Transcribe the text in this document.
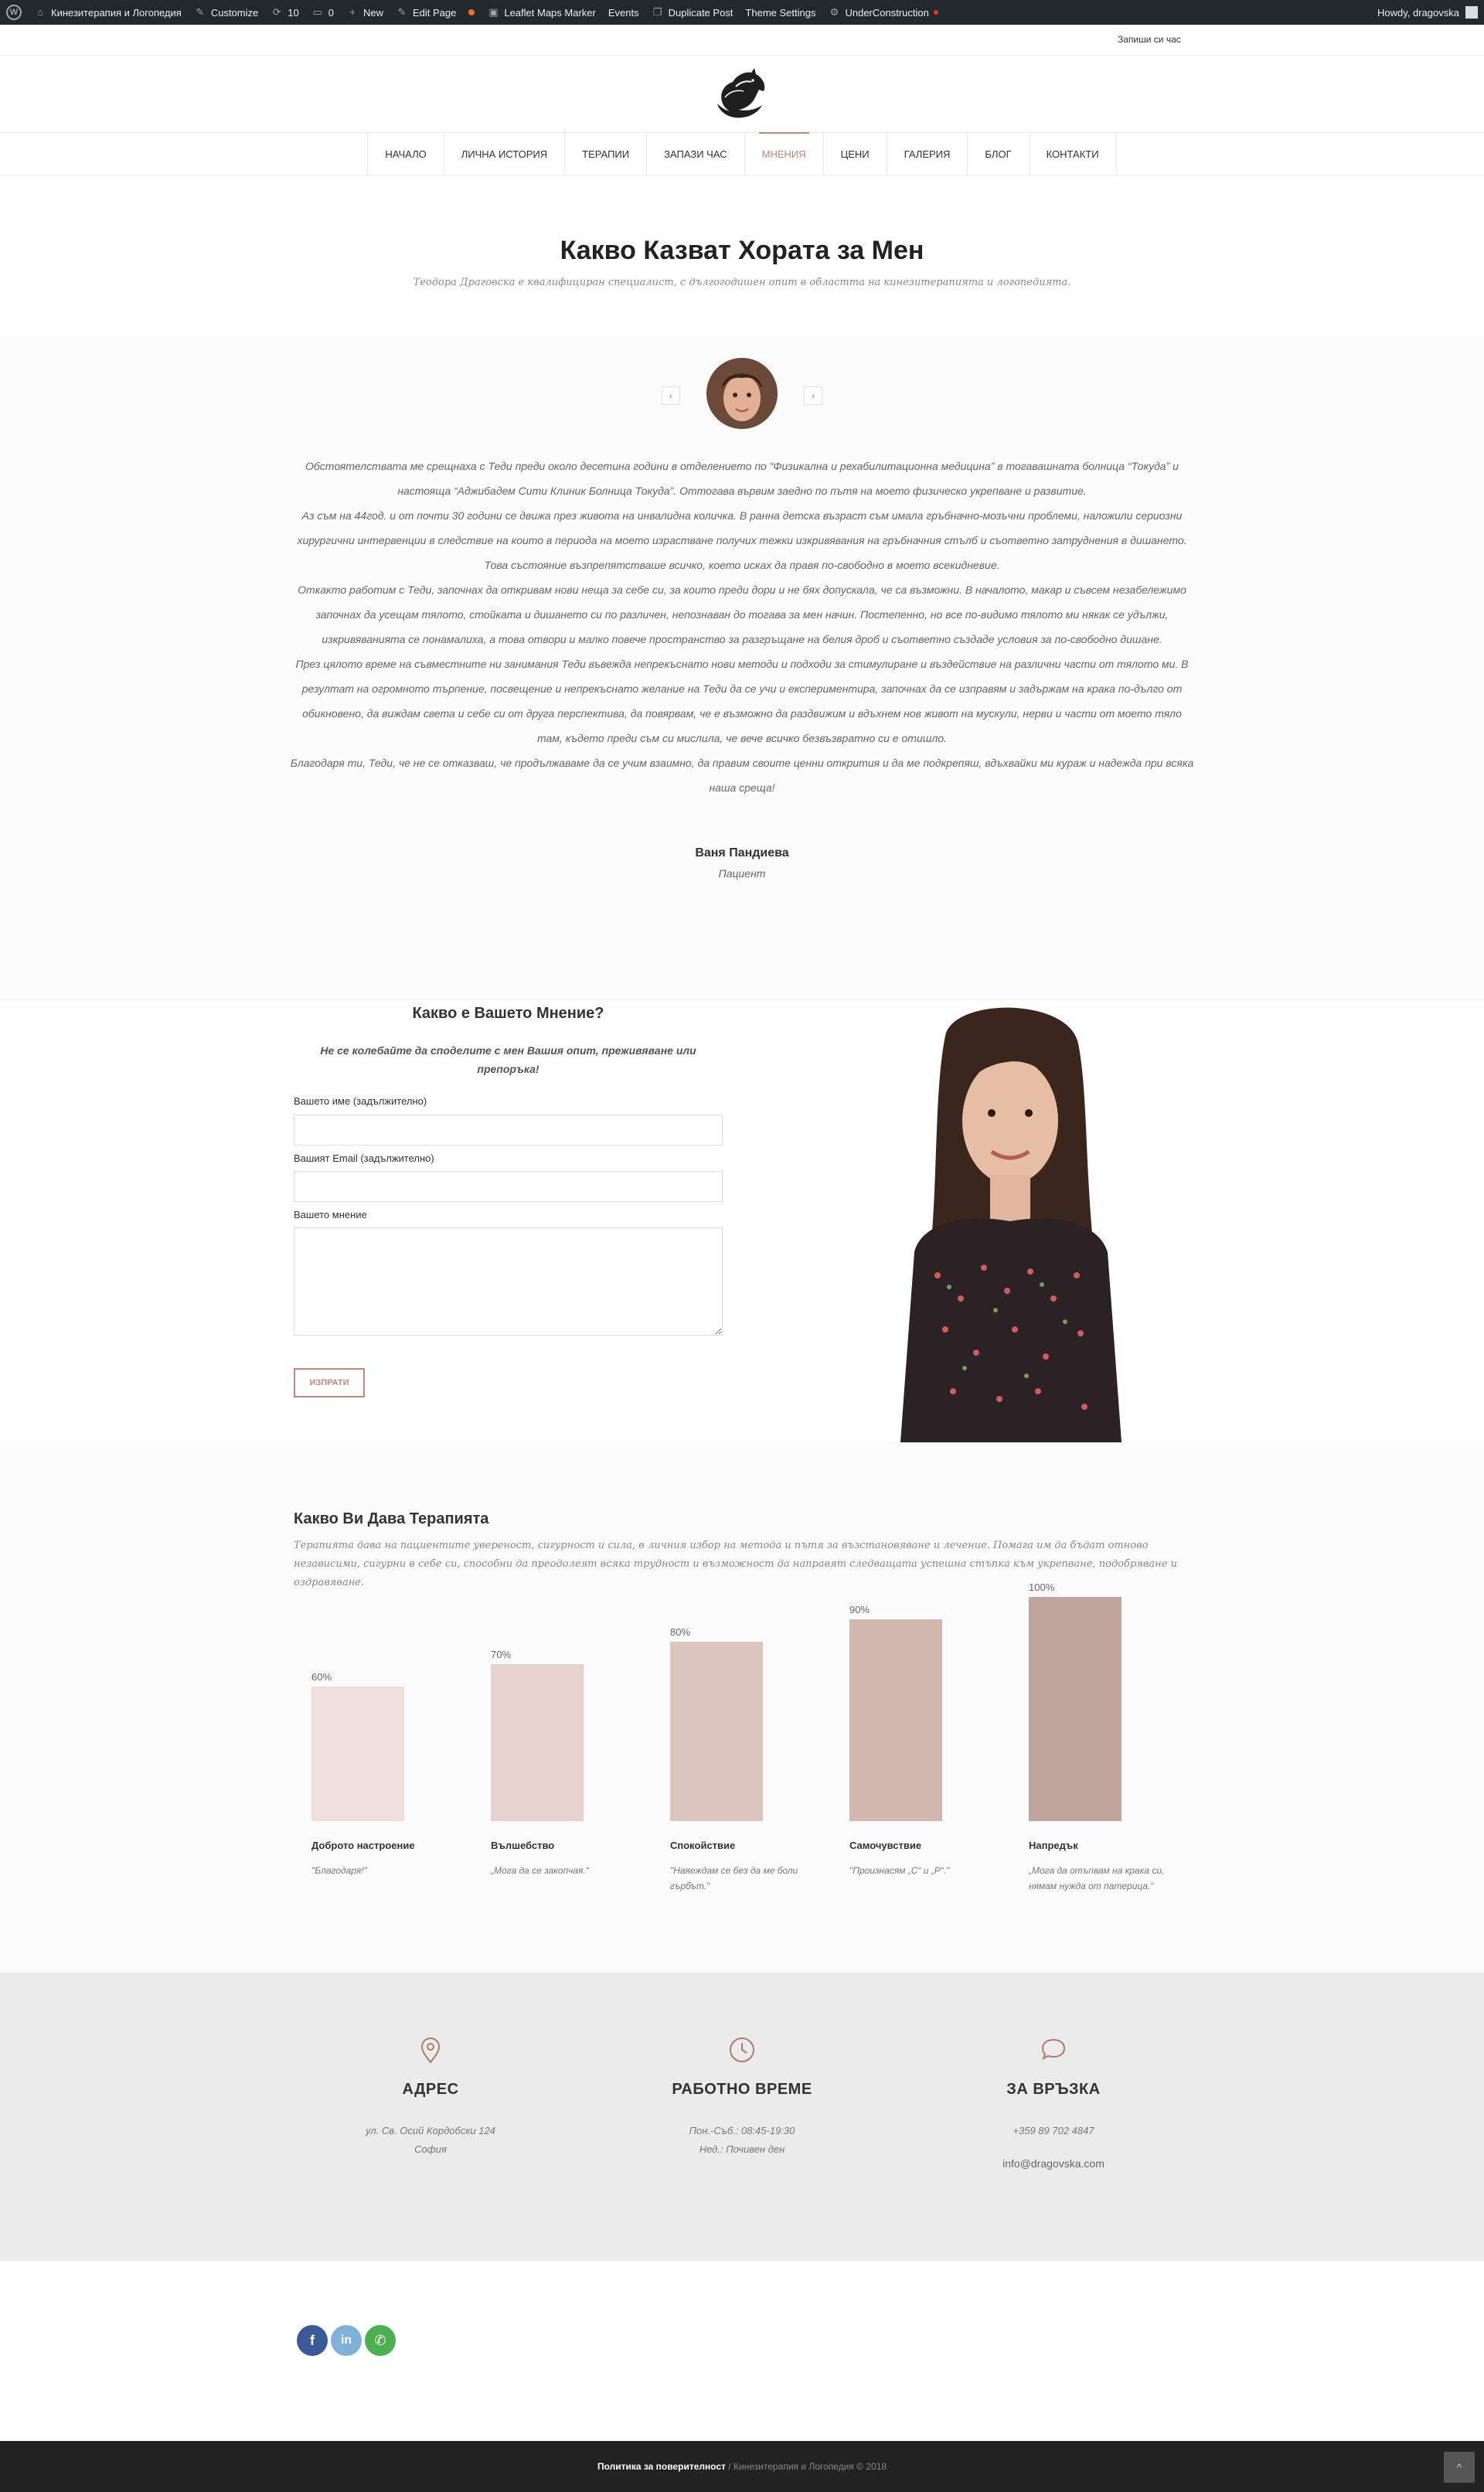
W	⌂ Кинезитерапия и Логопедия ✎ Customize ⟳ 10 ▭ 0	+ New ✎ Edit Page	▣ Leaflet Maps Marker Events ❐ Duplicate Post Theme Settings ⚙ UnderConstruction	Howdy, dragovska
Запиши си час
НАЧАЛО	ЛИЧНА ИСТОРИЯ	ТЕРАПИИ	ЗАПАЗИ ЧАС	МНЕНИЯ	ЦЕНИ	ГАЛЕРИЯ	БЛОГ	КОНТАКТИ
Какво Казват Хората за Мен

Теодора Драговска е квалифициран специалист, с дългогодишен опит в областта на кинезитерапията и логопедията.

‹	›

Обстоятелствата ме срещнаха с Теди преди около десетина години в отделението по “Физикална и рехабилитационна медицина” в тогавашната болница “Токуда” и настояща “Аджибадем Сити Клиник Болница Токуда”. Оттогава вървим заедно по пътя на моето физическо укрепване и развитие.

Аз съм на 44год. и от почти 30 години се движа през живота на инвалидна количка. В ранна детска възраст съм имала гръбначно-мозъчни проблеми, наложили сериозни хирургични интервенции в следствие на които в периода на моето израстване получих тежки изкривявания на гръбначния стълб и съответно затруднения в дишането. Това състояние възпрепятстваше всичко, което исках да правя по-свободно в моето всекидневие.

Откакто работим с Теди, започнах да откривам нови неща за себе си, за които преди дори и не бях допускала, че са възможни. В началото, макар и съвсем незабележимо започнах да усещам тялото, стойката и дишането си по различен, непознаван до тогава за мен начин. Постепенно, но все по-видимо тялото ми някак се удължи, изкривяванията се понамалиха, а това отвори и малко повече пространство за разгръщане на белия дроб и съответно създаде условия за по-свободно дишане.

През цялото време на съвместните ни занимания Теди въвежда непрекъснато нови методи и подходи за стимулиране и въздействие на различни части от тялото ми. В резултат на огромното търпение, посвещение и непрекъснато желание на Теди да се учи и експериментира, започнах да се изправям и задържам на крака по-дълго от обикновено, да виждам света и себе си от друга перспектива, да повярвам, че е възможно да раздвижим и вдъхнем нов живот на мускули, нерви и части от моето тяло там, където преди съм си мислила, че вече всичко безвъзвратно си е отишло.

Благодаря ти, Теди, че не се отказваш, че продължаваме да се учим взаимно, да правим своите ценни открития и да ме подкрепяш, вдъхвайки ми кураж и надежда при всяка наша среща!

Ваня Пандиева
Пациент
Какво е Вашето Мнение?

Не се колебайте да споделите с мен Вашия опит, преживяване или препоръка!

Вашето име (задължително)
Вашият Email (задължително)
Вашето мнение
ИЗПРАТИ
Какво Ви Дава Терапията

Терапията дава на пациентите увереност, сигурност и сила, в личния избор на метода и пътя за възстановяване и лечение. Помага им да бъдат отново независими, сигурни в себе си, способни да преодолеят всяка трудност и възможност да направят следващата успешна стъпка към укрепване, подобряване и оздравяване.

60%
70%
80%
90%
100%
Доброто настроение
"Благодаря!"
Вълшебство
„Мога да се закопчая.“
Спокойствие
"Наяеждам се без да ме боли гърбът."
Самочувствие
"Произнасям „С“ и „Р“."
Напредък
„Мога да отъпвам на крака си, нямам нужда от патерица.“
АДРЕС

ул. Св. Осий Кордобски 124

София

РАБОТНО ВРЕМЕ

Пон.-Съб.: 08:45-19:30

Нед.: Почивен ден

ЗА ВРЪЗКА

+359 89 702 4847

info@dragovska.com

f	in	✆
Политика за поверителност / Кинезитерапия и Логопедия © 2018	^
